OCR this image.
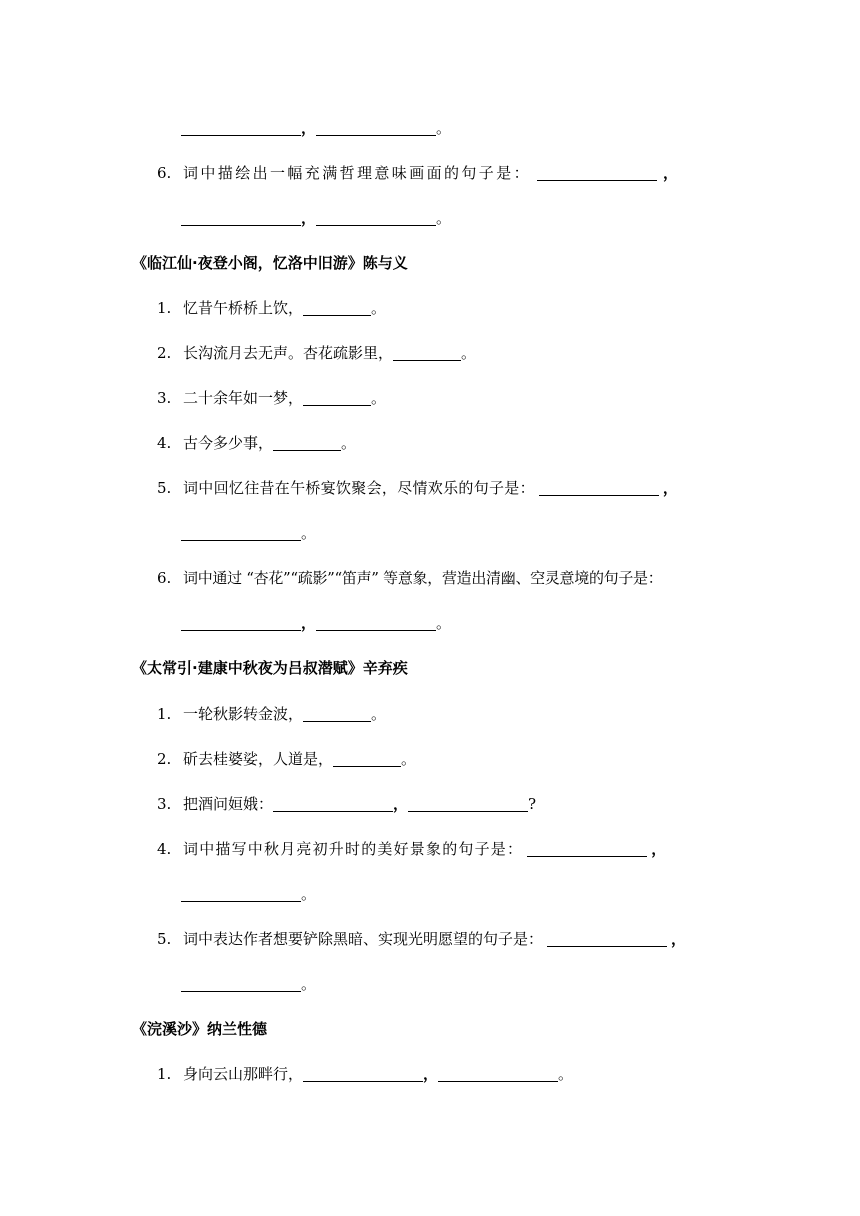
，	。
6. 词中描绘出一幅充满哲理意味画面的句子是：	，
，	。
《临江仙·夜登小阁，忆洛中旧游》陈与义
1. 忆昔午桥桥上饮，	。
2. 长沟流月去无声。杏花疏影里，	。
3. 二十余年如一梦，	。
4. 古今多少事，	。
5. 词中回忆往昔在午桥宴饮聚会，尽情欢乐的句子是：	，
。
6. 词中通过 “杏花”“疏影”“笛声” 等意象，营造出清幽、空灵意境的句子是：
，	。
《太常引·建康中秋夜为吕叔潜赋》辛弃疾
1. 一轮秋影转金波，	。
2. 斫去桂婆娑，人道是，	。
3. 把酒问姮娥：	，	?
4. 词中描写中秋月亮初升时的美好景象的句子是：	，
。
5. 词中表达作者想要铲除黑暗、实现光明愿望的句子是：	，
。
《浣溪沙》纳兰性德
1. 身向云山那畔行，	，	。
